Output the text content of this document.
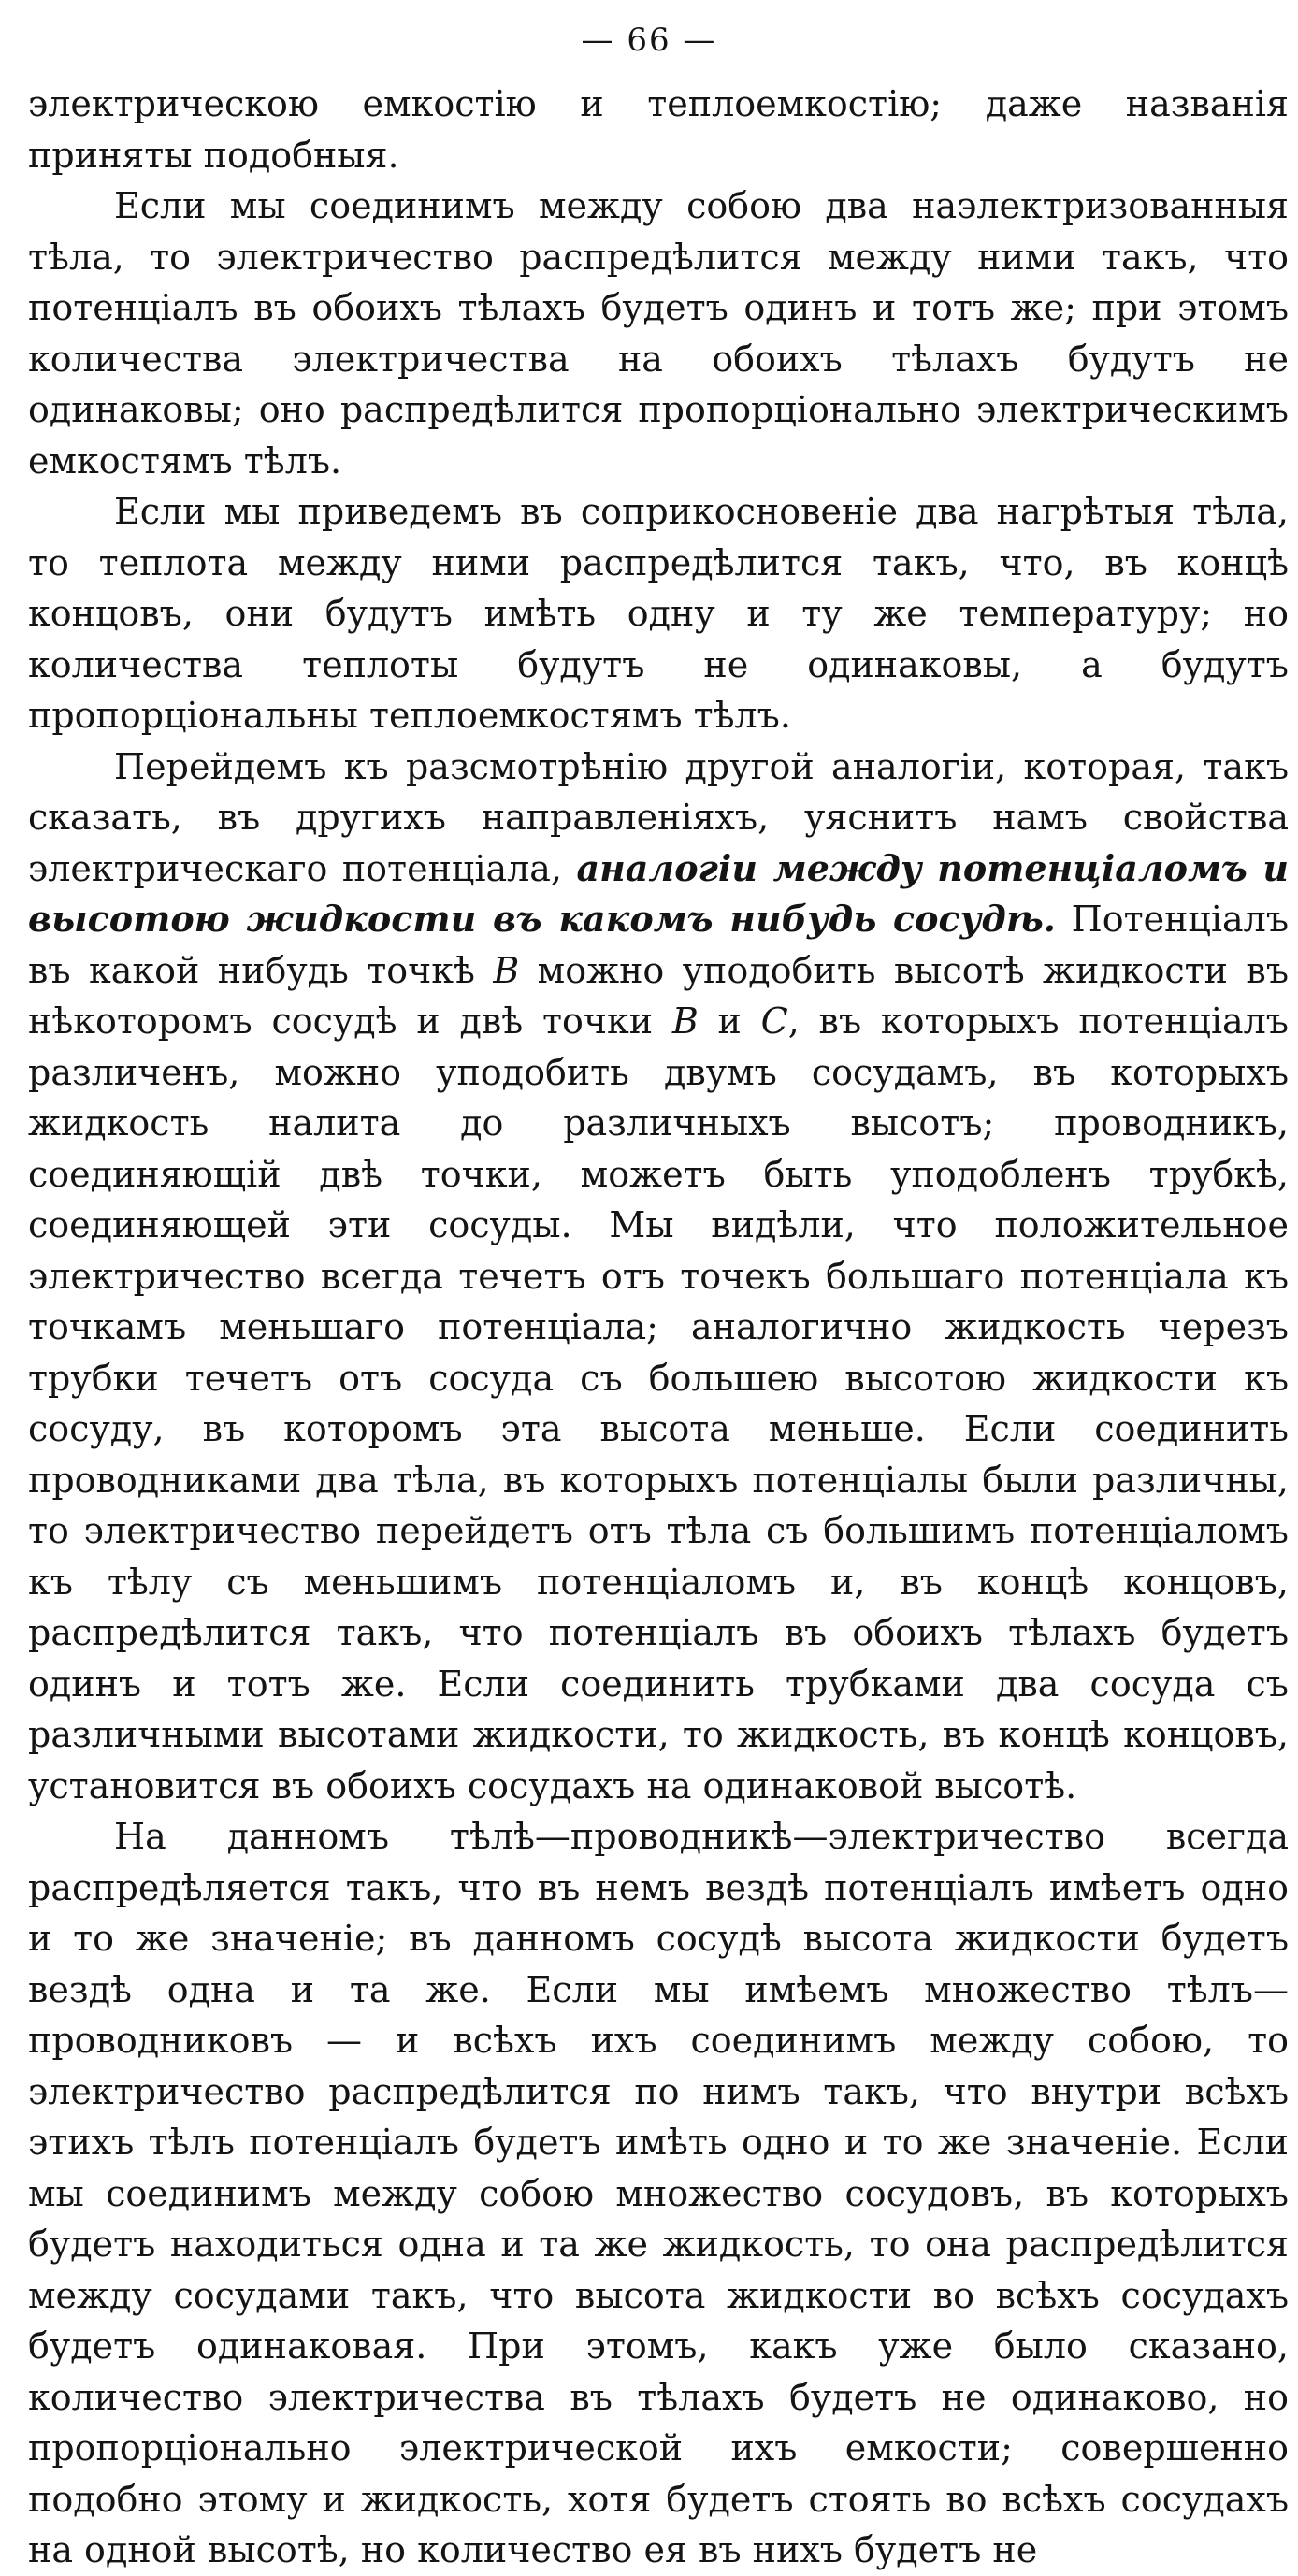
— 66 —

электрическою емкостію и теплоемкостію; даже названія приняты подобныя.

Если мы соединимъ между собою два наэлектризованныя тѣла, то электричество распредѣлится между ними такъ, что потенціалъ въ обоихъ тѣлахъ будетъ одинъ и тотъ же; при этомъ количества электричества на обоихъ тѣлахъ будутъ не одинаковы; оно распредѣлится пропорціонально электрическимъ емкостямъ тѣлъ.

Если мы приведемъ въ соприкосновеніе два нагрѣтыя тѣла, то теплота между ними распредѣлится такъ, что, въ концѣ концовъ, они будутъ имѣть одну и ту же температуру; но количества теплоты будутъ не одинаковы, а будутъ пропорціональны теплоемкостямъ тѣлъ.

Перейдемъ къ разсмотрѣнію другой аналогіи, которая, такъ сказать, въ другихъ направленіяхъ, уяснитъ намъ свойства электрическаго потенціала, аналогіи между потенціаломъ и высотою жидкости въ какомъ нибудь сосудѣ. Потенціалъ въ какой нибудь точкѣ B можно уподобить высотѣ жидкости въ нѣкоторомъ сосудѣ и двѣ точки B и C, въ которыхъ потенціалъ различенъ, можно уподобить двумъ сосудамъ, въ которыхъ жидкость налита до различныхъ высотъ; проводникъ, соединяющій двѣ точки, можетъ быть уподобленъ трубкѣ, соединяющей эти сосуды. Мы видѣли, что положительное электричество всегда течетъ отъ точекъ большаго потенціала къ точкамъ меньшаго потенціала; аналогично жидкость черезъ трубки течетъ отъ сосуда съ большею высотою жидкости къ сосуду, въ которомъ эта высота меньше. Если соединить проводниками два тѣла, въ которыхъ потенціалы были различны, то электричество перейдетъ отъ тѣла съ большимъ потенціаломъ къ тѣлу съ меньшимъ потенціаломъ и, въ концѣ концовъ, распредѣлится такъ, что потенціалъ въ обоихъ тѣлахъ будетъ одинъ и тотъ же. Если соединить трубками два сосуда съ различными высотами жидкости, то жидкость, въ концѣ концовъ, установится въ обоихъ сосудахъ на одинаковой высотѣ.

На данномъ тѣлѣ—проводникѣ—электричество всегда распредѣляется такъ, что въ немъ вездѣ потенціалъ имѣетъ одно и то же значеніе; въ данномъ сосудѣ высота жидкости будетъ вездѣ одна и та же. Если мы имѣемъ множество тѣлъ—проводниковъ — и всѣхъ ихъ соединимъ между собою, то электричество распредѣлится по нимъ такъ, что внутри всѣхъ этихъ тѣлъ потенціалъ будетъ имѣть одно и то же значеніе. Если мы соединимъ между собою множество сосудовъ, въ которыхъ будетъ находиться одна и та же жидкость, то она распредѣлится между сосудами такъ, что высота жидкости во всѣхъ сосудахъ будетъ одинаковая. При этомъ, какъ уже было сказано, количество электричества въ тѣлахъ будетъ не одинаково, но пропорціонально электрической ихъ емкости; совершенно подобно этому и жидкость, хотя будетъ стоять во всѣхъ сосудахъ на одной высотѣ, но количество ея въ нихъ будетъ не
